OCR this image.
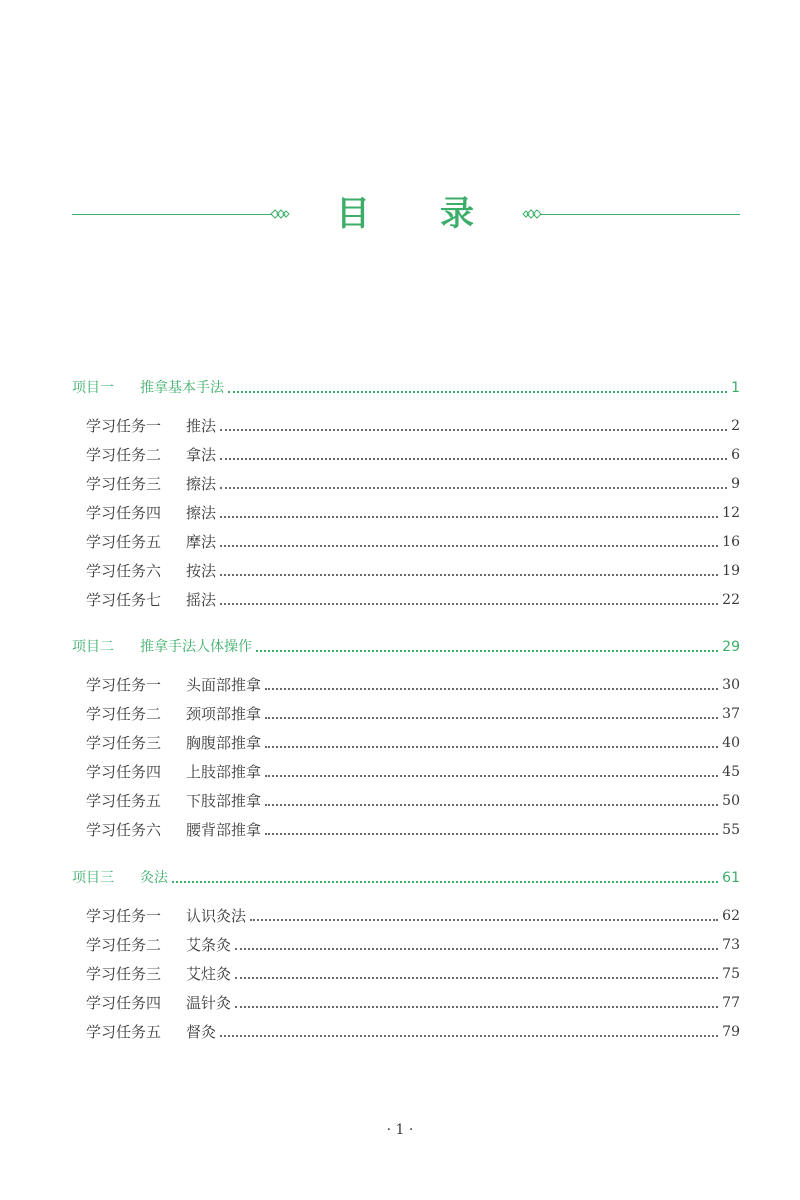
目 录
项目一 推拿基本手法	1
学习任务一 推法	2
学习任务二 拿法	6
学习任务三 擦法	9
学习任务四 擦法	12
学习任务五 摩法	16
学习任务六 按法	19
学习任务七 摇法	22
项目二 推拿手法人体操作	29
学习任务一 头面部推拿	30
学习任务二 颈项部推拿	37
学习任务三 胸腹部推拿	40
学习任务四 上肢部推拿	45
学习任务五 下肢部推拿	50
学习任务六 腰背部推拿	55
项目三 灸法	61
学习任务一 认识灸法	62
学习任务二 艾条灸	73
学习任务三 艾炷灸	75
学习任务四 温针灸	77
学习任务五 督灸	79
· 1 ·
